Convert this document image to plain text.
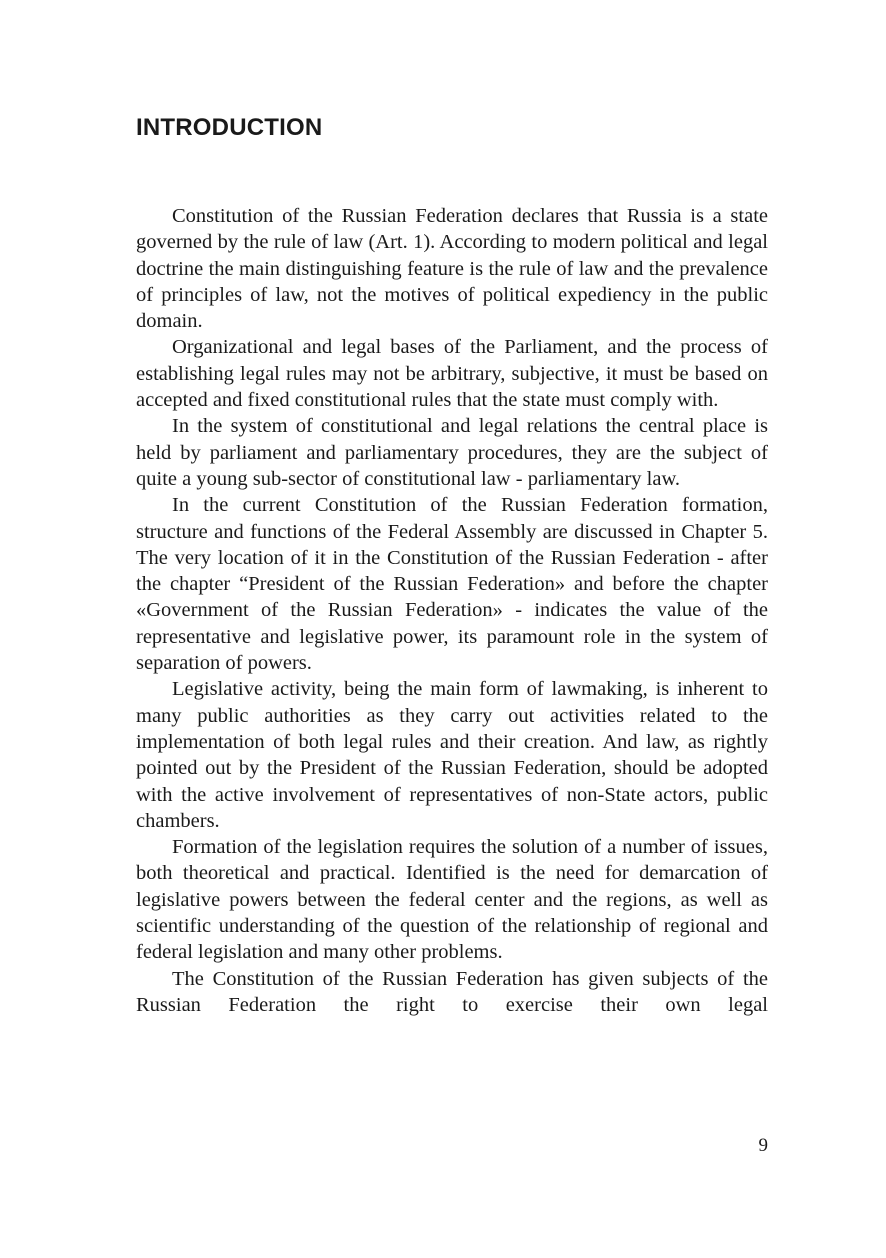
INTRODUCTION

Constitution of the Russian Federation declares that Russia is a state governed by the rule of law (Art. 1). According to modern political and legal doctrine the main distinguishing feature is the rule of law and the prevalence of principles of law, not the motives of political expediency in the public domain.

Organizational and legal bases of the Parliament, and the process of establishing legal rules may not be arbitrary, subjective, it must be based on accepted and fixed constitutional rules that the state must comply with.

In the system of constitutional and legal relations the central place is held by parliament and parliamentary procedures, they are the subject of quite a young sub-sector of constitutional law - parliamentary law.

In the current Constitution of the Russian Federation formation, structure and functions of the Federal Assembly are discussed in Chapter 5. The very location of it in the Constitution of the Russian Federation - after the chapter “President of the Russian Federation» and before the chapter «Government of the Russian Federation» - indicates the value of the representative and legislative power, its paramount role in the system of separation of powers.

Legislative activity, being the main form of lawmaking, is inherent to many public authorities as they carry out activities related to the implementation of both legal rules and their creation. And law, as rightly pointed out by the President of the Russian Federation, should be adopted with the active involvement of representatives of non-State actors, public chambers.

Formation of the legislation requires the solution of a number of issues, both theoretical and practical. Identified is the need for demarcation of legislative powers between the federal center and the regions, as well as scientific understanding of the question of the relationship of regional and federal legislation and many other problems.

The Constitution of the Russian Federation has given subjects of the Russian Federation the right to exercise their own legal

9
